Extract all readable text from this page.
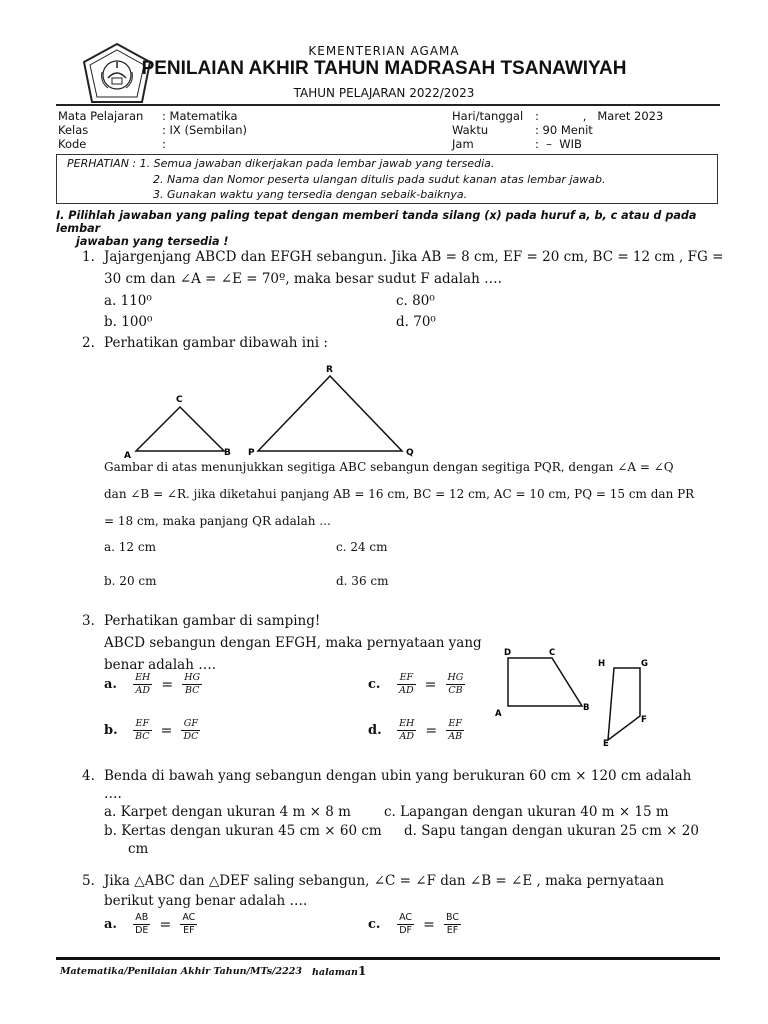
KEMENTERIAN AGAMA
PENILAIAN AKHIR TAHUN MADRASAH TSANAWIYAH
TAHUN PELAJARAN 2022/2023
Mata Pelajaran : Matematika
Kelas	: IX (Sembilan)
Kode	:
Hari/tanggal :            ,   Maret 2023
Waktu	: 90 Menit
Jam	:  –  WIB
PERHATIAN : 1. Semua jawaban dikerjakan pada lembar jawab yang tersedia.
2. Nama dan Nomor peserta ulangan ditulis pada sudut kanan atas lembar jawab.
3. Gunakan waktu yang tersedia dengan sebaik-baiknya.
I. Pilihlah jawaban yang paling tepat dengan memberi tanda silang (x) pada huruf a, b, c atau d pada lembar
jawaban yang tersedia !
1. Jajargenjang ABCD dan EFGH sebangun. Jika AB = 8 cm, EF = 20 cm, BC = 12 cm , FG =
30 cm dan ∠A = ∠E = 70º, maka besar sudut F adalah ….
a. 110⁰
b. 100⁰
c. 80⁰
d. 70⁰
2. Perhatikan gambar dibawah ini :
A
C
B P
R
Q
Gambar di atas menunjukkan segitiga ABC sebangun dengan segitiga PQR, dengan ∠A = ∠Q
dan ∠B = ∠R. jika diketahui panjang AB = 16 cm, BC = 12 cm, AC = 10 cm, PQ = 15 cm dan PR
= 18 cm, maka panjang QR adalah ...
a. 12 cm
b. 20 cm
c. 24 cm
d. 36 cm
3. Perhatikan gambar di samping!
ABCD sebangun dengan EFGH, maka pernyataan yang
benar adalah ….
a. $\frac{EH}{AD} = \frac{HG}{BC}$
b. $\frac{EF}{BC} = \frac{GF}{DC}$
c. $\frac{EF}{AD} = \frac{HG}{CB}$
d. $\frac{EH}{AD} = \frac{EF}{AB}$
D	C
B
A
H	G
F
E
4. Benda di bawah yang sebangun dengan ubin yang berukuran 60 cm × 120 cm adalah
….
a. Karpet dengan ukuran 4 m × 8 m c. Lapangan dengan ukuran 40 m × 15 m
b. Kertas dengan ukuran 45 cm × 60 cm d. Sapu tangan dengan ukuran 25 cm × 20
cm
5. Jika △ABC dan △DEF saling sebangun, ∠C = ∠F dan ∠B = ∠E , maka pernyataan
berikut yang benar adalah ….
a. $\frac{AB}{DE} = \frac{AC}{EF}$	c. $\frac{AC}{DF} = \frac{BC}{EF}$
Matematika/Penilaian Akhir Tahun/MTs/2223 halaman1
